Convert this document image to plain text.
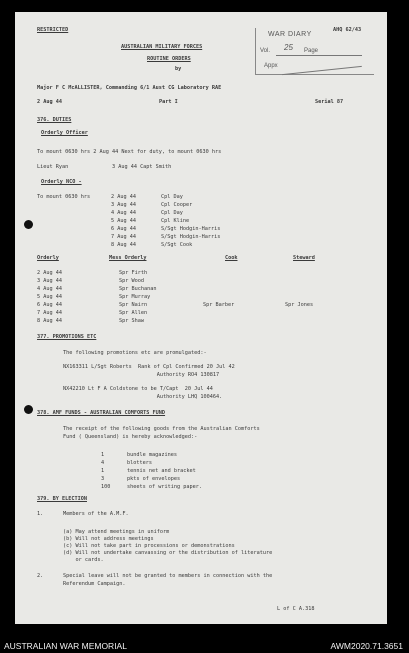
RESTRICTED	AHQ 62/43
AUSTRALIAN MILITARY FORCES
ROUTINE ORDERS
by
Major F C McALLISTER, Commanding 6/1 Aust CG Laboratory RAE
2 Aug 44	Part I	Serial 87
WAR DIARY
Vol. 25 Page
Appx
376. DUTIES
Orderly Officer
To mount 0630 hrs 2 Aug 44 Next for duty, to mount 0630 hrs
Lieut Ryan              3 Aug 44 Capt Smith
Orderly NCO -
To mount 0630 hrs	2 Aug 44	Cpl Day
3 Aug 44	Cpl Cooper
4 Aug 44	Cpl Day
5 Aug 44	Cpl Kline
6 Aug 44	S/Sgt Hodgin-Harris
7 Aug 44	S/Sgt Hodgin-Harris
8 Aug 44	S/Sgt Cook
Orderly	Mess Orderly	Cook	Steward
2 Aug 44	Spr Firth
3 Aug 44	Spr Wood
4 Aug 44	Spr Buchanan
5 Aug 44	Spr Murray
6 Aug 44	Spr Nairn	Spr Barber	Spr Jones
7 Aug 44	Spr Allen
8 Aug 44	Spr Shaw
377. PROMOTIONS ETC
The following promotions etc are promulgated:-
NX163311 L/Sgt Roberts  Rank of Cpl Confirmed 20 Jul 42
Authority RO4 130817
NX42210 Lt F A Coldstone to be T/Capt  20 Jul 44
Authority LHQ 100464.
378. AMF FUNDS - AUSTRALIAN COMFORTS FUND
The receipt of the following goods from the Australian Comforts
Fund ( Queensland) is hereby acknowledged:-
1	bundle magazines
4	blotters
1	tennis net and bracket
3	pkts of envelopes
100	sheets of writing paper.
379. BY ELECTION
1.	Members of the A.M.F.
(a) May attend meetings in uniform
(b) Will not address meetings
(c) Will not take part in processions or demonstrations
(d) Will not undertake canvassing or the distribution of literature
or cards.
2.	Special leave will not be granted to members in connection with the
Referendum Campaign.
L of C A.318
AUSTRALIAN WAR MEMORIAL	AWM2020.71.3651
